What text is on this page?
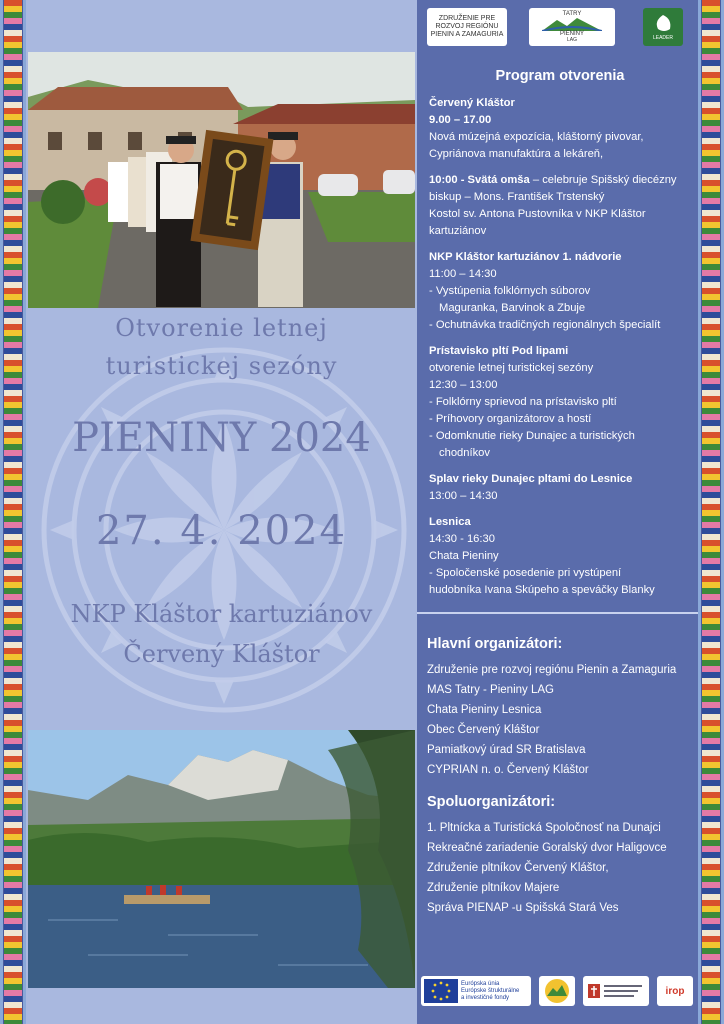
Otvorenie letnej
turistickej sezóny
PIENINY 2024
27. 4. 2024
NKP Kláštor kartuziánov
Červený Kláštor
ZDRUŽENIE PRE ROZVOJ REGIÓNU PIENIN A ZAMAGURIA
TATRY
PIENINY
LAG	LEADER
Program otvorenia
Červený Kláštor
9.00 – 17.00
Nová múzejná expozícia, kláštorný pivovar, Cypriánova manufaktúra a lekáreň,
10:00 - Svätá omša – celebruje Spišský diecézny biskup – Mons. František Trstenský
Kostol sv. Antona Pustovníka v NKP Kláštor kartuziánov
NKP Kláštor kartuziánov 1. nádvorie
11:00 – 14:30
- Vystúpenia folklórnych súborov
Maguranka, Barvinok a Zbuje
- Ochutnávka tradičných regionálnych špecialít
Prístavisko pltí Pod lipami
otvorenie letnej turistickej sezóny
12:30 – 13:00
- Folklórny sprievod na prístavisko pltí
- Príhovory organizátorov a hostí
- Odomknutie rieky Dunajec a turistických
chodníkov
Splav rieky Dunajec pltami do Lesnice
13:00 – 14:30
Lesnica
14:30 - 16:30
Chata Pieniny
- Spoločenské posedenie pri vystúpení
hudobníka Ivana Skúpeho a speváčky Blanky
Hlavní organizátori:
Združenie pre rozvoj regiónu Pienin a Zamaguria
MAS Tatry - Pieniny LAG
Chata Pieniny Lesnica
Obec Červený Kláštor
Pamiatkový úrad SR Bratislava
CYPRIAN n. o. Červený Kláštor
Spoluorganizátori:
1. Pltnícka a Turistická Spoločnosť na Dunajci
Rekreačné zariadenie Goralský dvor Haligovce
Združenie pltníkov Červený Kláštor,
Združenie pltníkov Majere
Správa PIENAP -u Spišská Stará Ves
Európska únia
Európske štrukturálne
a investičné fondy
irop
